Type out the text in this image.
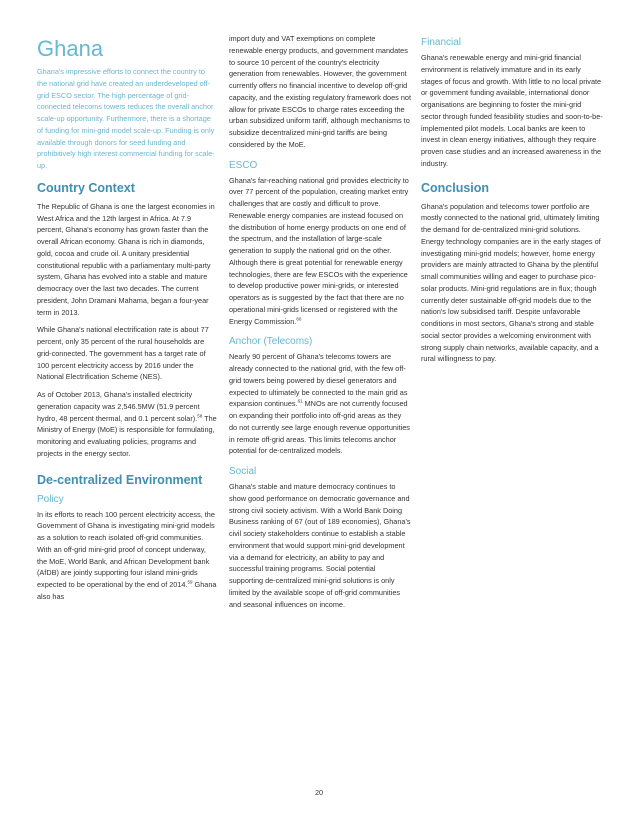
Ghana

Ghana's impressive efforts to connect the country to the national grid have created an underdeveloped off-grid ESCO sector. The high percentage of grid-connected telecoms towers reduces the overall anchor scale-up opportunity. Furthermore, there is a shortage of funding for mini-grid model scale-up. Funding is only available through donors for seed funding and prohibitively high interest commercial funding for scale-up.

Country Context

The Republic of Ghana is one the largest economies in West Africa and the 12th largest in Africa. At 7.9 percent, Ghana's economy has grown faster than the overall African economy. Ghana is rich in diamonds, gold, cocoa and crude oil. A unitary presidential constitutional republic with a parliamentary multi-party system, Ghana has evolved into a stable and mature democracy over the last two decades. The current president, John Dramani Mahama, began a four-year term in 2013.

While Ghana's national electrification rate is about 77 percent, only 35 percent of the rural households are grid-connected. The government has a target rate of 100 percent electricity access by 2016 under the National Electrification Scheme (NES).

As of October 2013, Ghana's installed electricity generation capacity was 2,546.5MW (51.9 percent hydro, 48 percent thermal, and 0.1 percent solar).$^{58}$ The Ministry of Energy (MoE) is responsible for formulating, monitoring and evaluating policies, programs and projects in the energy sector.

De-centralized Environment
Policy

In its efforts to reach 100 percent electricity access, the Government of Ghana is investigating mini-grid models as a solution to reach isolated off-grid communities. With an off-grid mini-grid proof of concept underway, the MoE, World Bank, and African Development bank (AfDB) are jointly supporting four island mini-grids expected to be operational by the end of 2014.59 Ghana also has

import duty and VAT exemptions on complete renewable energy products, and government mandates to source 10 percent of the country's electricity generation from renewables. However, the government currently offers no financial incentive to develop off-grid capacity, and the existing regulatory framework does not allow for private ESCOs to charge rates exceeding the urban subsidized uniform tariff, although mechanisms to subsidize decentralized mini-grid tariffs are being considered by the MoE.

ESCO

Ghana's far-reaching national grid provides electricity to over 77 percent of the population, creating market entry challenges that are costly and difficult to prove. Renewable energy companies are instead focused on the distribution of home energy products on one end of the spectrum, and the installation of large-scale generation to supply the national grid on the other. Although there is great potential for renewable energy technologies, there are few ESCOs with the experience to develop productive power mini-grids, or interested operators as is suggested by the fact that there are no operational mini-grids licensed or registered with the Energy Commission.$^{60}$

Anchor (Telecoms)

Nearly 90 percent of Ghana's telecoms towers are already connected to the national grid, with the few off-grid towers being powered by diesel generators and expected to ultimately be connected to the main grid as expansion continues.$^{61}$ MNOs are not currently focused on expanding their portfolio into off-grid areas as they do not currently see large enough revenue opportunities in remote off-grid areas. This limits telecoms anchor potential for de-centralized models.

Social

Ghana's stable and mature democracy continues to show good performance on democratic governance and strong civil society activism. With a World Bank Doing Business ranking of 67 (out of 189 economies), Ghana's civil society stakeholders continue to establish a stable environment that would support mini-grid development via a demand for electricity, an ability to pay and successful training programs. Social potential supporting de-centralized mini-grid solutions is only limited by the available scope of off-grid communities and seasonal influences on income.

Financial

Ghana's renewable energy and mini-grid financial environment is relatively immature and in its early stages of focus and growth. With little to no local private or government funding available, international donor organisations are beginning to foster the mini-grid sector through funded feasibility studies and soon-to-be-implemented pilot models. Local banks are keen to invest in clean energy initiatives, although they require proven case studies and an increased awareness in the industry.

Conclusion

Ghana's population and telecoms tower portfolio are mostly connected to the national grid, ultimately limiting the demand for de-centralized mini-grid solutions. Energy technology companies are in the early stages of investigating mini-grid models; however, home energy providers are mainly attracted to Ghana by the plentiful small communities willing and eager to purchase pico-solar products. Mini-grid regulations are in flux; though currently deter sustainable off-grid models due to the nation's low subsidised tariff. Despite unfavorable conditions in most sectors, Ghana's strong and stable social sector provides a welcoming environment with strong supply chain networks, available capacity, and a rural willingness to pay.

20
